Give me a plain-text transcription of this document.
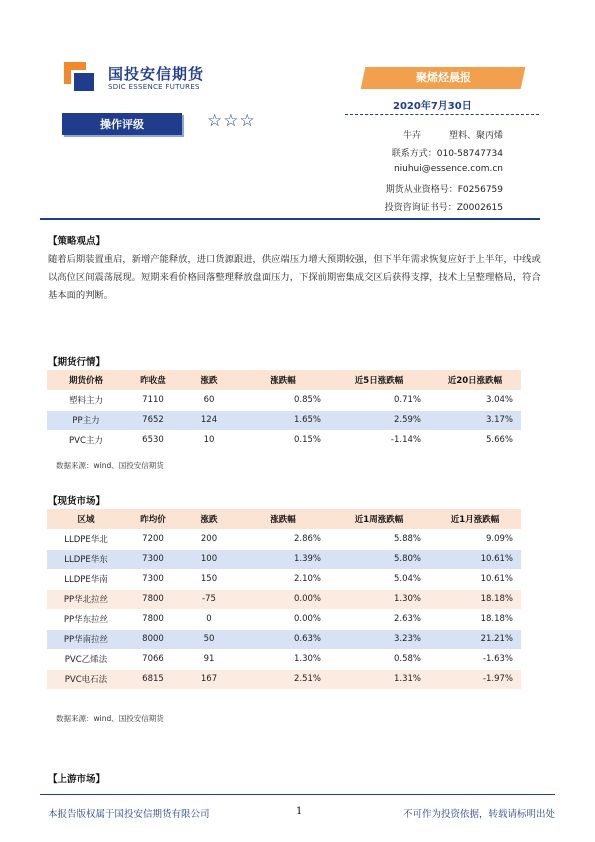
国投安信期货
SDIC ESSENCE FUTURES
聚烯烃晨报
2020年7月30日
操作评级	☆☆☆
牛卉	塑料、聚丙烯
联系方式：010-58747734
niuhui@essence.com.cn
期货从业资格号：F0256759
投资咨询证书号：Z0002615
【策略观点】
随着后期装置重启，新增产能释放，进口货源跟进，供应端压力增大预期较强，但下半年需求恢复应好于上半年，中线或以高位区间震荡展现。短期来看价格回落整理释放盘面压力，下探前期密集成交区后获得支撑，技术上呈整理格局，符合基本面的判断。
【期货行情】
期货价格	昨收盘	涨跌	涨跌幅	近5日涨跌幅	近20日涨跌幅
塑料主力	7110	60	0.85%	0.71%	3.04%
PP主力	7652	124	1.65%	2.59%	3.17%
PVC主力	6530	10	0.15%	-1.14%	5.66%
数据来源：wind、国投安信期货
【现货市场】
区域	昨均价	涨跌	涨跌幅	近1周涨跌幅	近1月涨跌幅
LLDPE华北	7200	200	2.86%	5.88%	9.09%
LLDPE华东	7300	100	1.39%	5.80%	10.61%
LLDPE华南	7300	150	2.10%	5.04%	10.61%
PP华北拉丝	7800	-75	0.00%	1.30%	18.18%
PP华东拉丝	7800	0	0.00%	2.63%	18.18%
PP华南拉丝	8000	50	0.63%	3.23%	21.21%
PVC乙烯法	7066	91	1.30%	0.58%	-1.63%
PVC电石法	6815	167	2.51%	1.31%	-1.97%
数据来源：wind、国投安信期货
【上游市场】
本报告版权属于国投安信期货有限公司	1	不可作为投资依据，转载请标明出处
